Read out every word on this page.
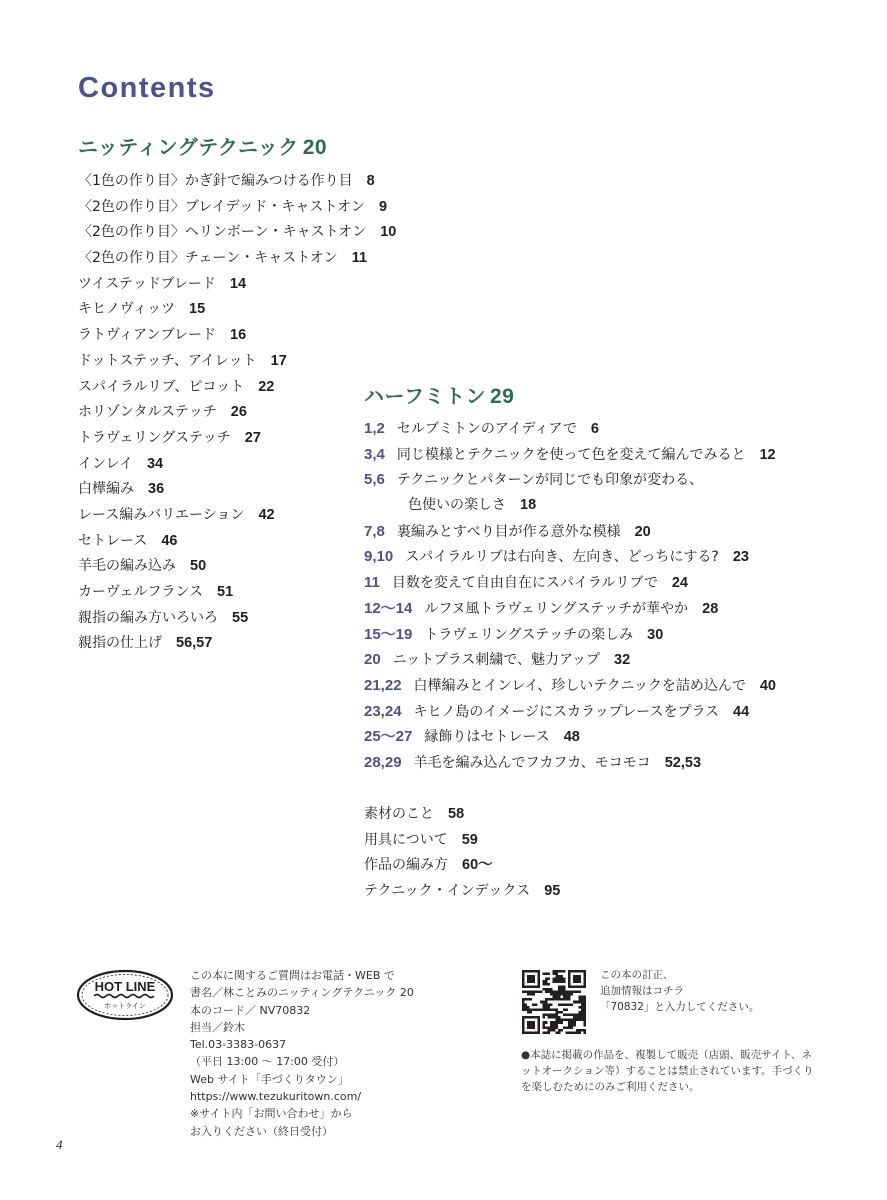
Contents
ニッティングテクニック 20
〈1色の作り目〉かぎ針で編みつける作り目 8
〈2色の作り目〉ブレイデッド・キャストオン 9
〈2色の作り目〉ヘリンボーン・キャストオン 10
〈2色の作り目〉チェーン・キャストオン 11
ツイステッドブレード 14
キヒノヴィッツ 15
ラトヴィアンブレード 16
ドットステッチ、アイレット 17
スパイラルリブ、ピコット 22
ホリゾンタルステッチ 26
トラヴェリングステッチ 27
インレイ 34
白樺編み 36
レース編みバリエーション 42
セトレース 46
羊毛の編み込み 50
カーヴェルフランス 51
親指の編み方いろいろ 55
親指の仕上げ 56,57
ハーフミトン 29
1,2 セルブミトンのアイディアで 6
3,4 同じ模様とテクニックを使って色を変えて編んでみると 12
5,6 テクニックとパターンが同じでも印象が変わる、
色使いの楽しさ 18
7,8 裏編みとすべり目が作る意外な模様 20
9,10 スパイラルリブは右向き、左向き、どっちにする? 23
11 目数を変えて自由自在にスパイラルリブで 24
12〜14 ルフヌ風トラヴェリングステッチが華やか 28
15〜19 トラヴェリングステッチの楽しみ 30
20 ニットプラス刺繍で、魅力アップ 32
21,22 白樺編みとインレイ、珍しいテクニックを詰め込んで 40
23,24 キヒノ島のイメージにスカラップレースをプラス 44
25〜27 縁飾りはセトレース 48
28,29 羊毛を編み込んでフカフカ、モコモコ 52,53
素材のこと 58
用具について 59
作品の編み方 60〜
テクニック・インデックス 95
HOT LINE
ホットライン
この本に関するご質問はお電話・WEB で
書名／林ことみのニッティングテクニック 20
本のコード／ NV70832
担当／鈴木
Tel.03-3383-0637
（平日 13:00 ～ 17:00 受付）
Web サイト「手づくりタウン」
https://www.tezukuritown.com/
※サイト内「お問い合わせ」から
お入りください（終日受付）
この本の訂正、
追加情報はコチラ
「70832」と入力してください。
●本誌に掲載の作品を、複製して販売（店頭、販売サイト、ネットオークション等）することは禁止されています。手づくりを楽しむためにのみご利用ください。
4
